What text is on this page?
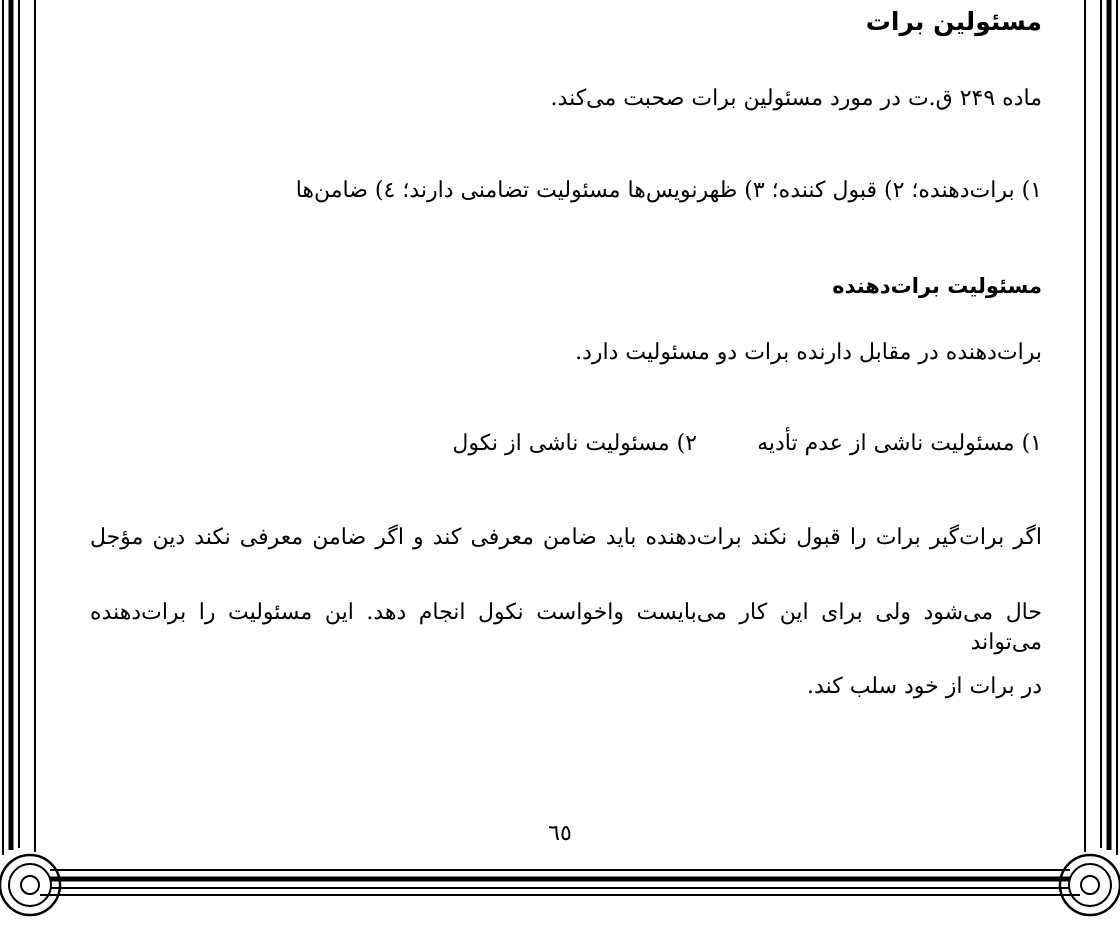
مسئولين برات

ماده ۲۴۹ ق.ت در مورد مسئولین برات صحبت می‌کند.

۱) برات‌دهنده؛ ۲) قبول کننده؛ ۳) ظهرنویس‌ها مسئولیت تضامنی دارند؛ ٤) ضامن‌ها

مسئولیت برات‌دهنده

برات‌دهنده در مقابل دارنده برات دو مسئولیت دارد.

۱) مسئولیت ناشی از عدم تأدیه
۲) مسئولیت ناشی از نکول
اگر برات‌گیر برات را قبول نکند برات‌دهنده باید ضامن معرفی کند و اگر ضامن معرفی نکند دین مؤجل
حال می‌شود ولی برای این کار می‌بایست واخواست نکول انجام دهد. این مسئولیت را برات‌دهنده می‌تواند
در برات از خود سلب کند.
٦٥
